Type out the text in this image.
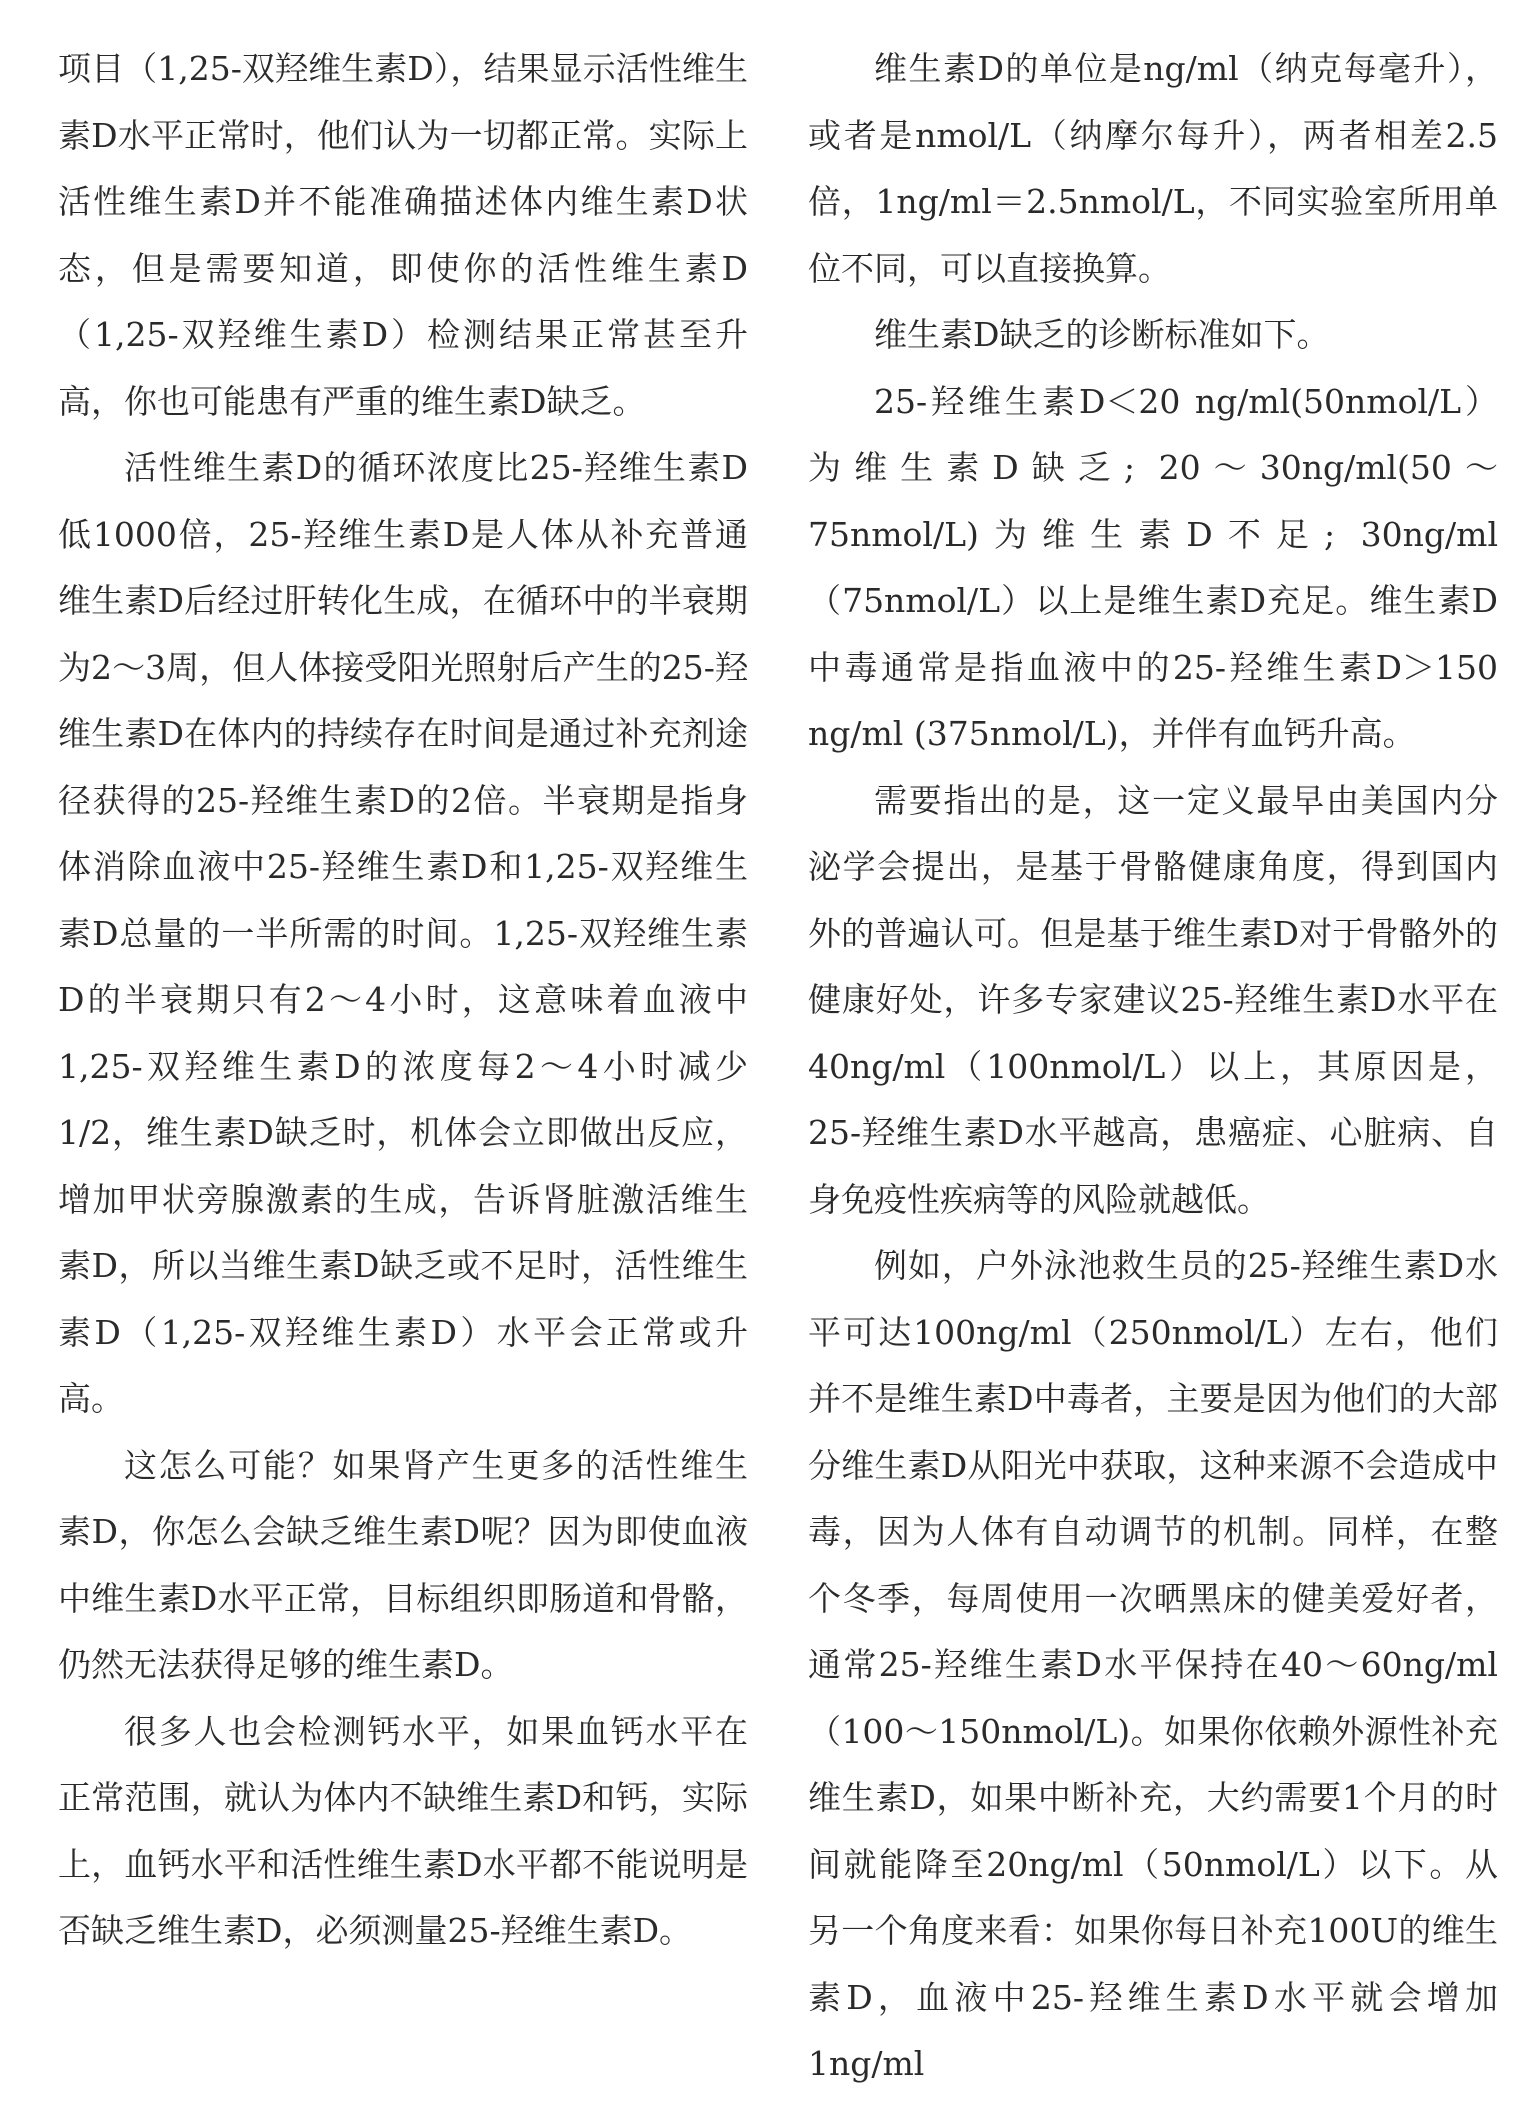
项目（1,25-双羟维生素D），结果显示活性维生素D水平正常时，他们认为一切都正常。实际上活性维生素D并不能准确描述体内维生素D状态，但是需要知道，即使你的活性维生素D（1,25-双羟维生素D）检测结果正常甚至升高，你也可能患有严重的维生素D缺乏。

活性维生素D的循环浓度比25-羟维生素D低1000倍，25-羟维生素D是人体从补充普通维生素D后经过肝转化生成，在循环中的半衰期为2～3周，但人体接受阳光照射后产生的25-羟维生素D在体内的持续存在时间是通过补充剂途径获得的25-羟维生素D的2倍。半衰期是指身体消除血液中25-羟维生素D和1,25-双羟维生素D总量的一半所需的时间。1,25-双羟维生素D的半衰期只有2～4小时，这意味着血液中1,25-双羟维生素D的浓度每2～4小时减少1/2，维生素D缺乏时，机体会立即做出反应，增加甲状旁腺激素的生成，告诉肾脏激活维生素D，所以当维生素D缺乏或不足时，活性维生素D（1,25-双羟维生素D）水平会正常或升高。

这怎么可能？如果肾产生更多的活性维生素D，你怎么会缺乏维生素D呢？因为即使血液中维生素D水平正常，目标组织即肠道和骨骼，仍然无法获得足够的维生素D。

很多人也会检测钙水平，如果血钙水平在正常范围，就认为体内不缺维生素D和钙，实际上，血钙水平和活性维生素D水平都不能说明是否缺乏维生素D，必须测量25-羟维生素D。

维生素D的单位是ng/ml（纳克每毫升），或者是nmol/L（纳摩尔每升），两者相差2.5倍，1ng/ml＝2.5nmol/L，不同实验室所用单位不同，可以直接换算。

维生素D缺乏的诊断标准如下。

25-羟维生素D＜20 ng/ml(50nmol/L）为维生素D缺乏; 20～30ng/ml(50～75nmol/L)为维生素D不足; 30ng/ml（75nmol/L）以上是维生素D充足。维生素D中毒通常是指血液中的25-羟维生素D＞150 ng/ml (375nmol/L)，并伴有血钙升高。

需要指出的是，这一定义最早由美国内分泌学会提出，是基于骨骼健康角度，得到国内外的普遍认可。但是基于维生素D对于骨骼外的健康好处，许多专家建议25-羟维生素D水平在40ng/ml（100nmol/L）以上，其原因是，25-羟维生素D水平越高，患癌症、心脏病、自身免疫性疾病等的风险就越低。

例如，户外泳池救生员的25-羟维生素D水平可达100ng/ml（250nmol/L）左右，他们并不是维生素D中毒者，主要是因为他们的大部分维生素D从阳光中获取，这种来源不会造成中毒，因为人体有自动调节的机制。同样，在整个冬季，每周使用一次晒黑床的健美爱好者，通常25-羟维生素D水平保持在40～60ng/ml（100～150nmol/L)。如果你依赖外源性补充维生素D，如果中断补充，大约需要1个月的时间就能降至20ng/ml（50nmol/L）以下。从另一个角度来看：如果你每日补充100U的维生素D，血液中25-羟维生素D水平就会增加1ng/ml
